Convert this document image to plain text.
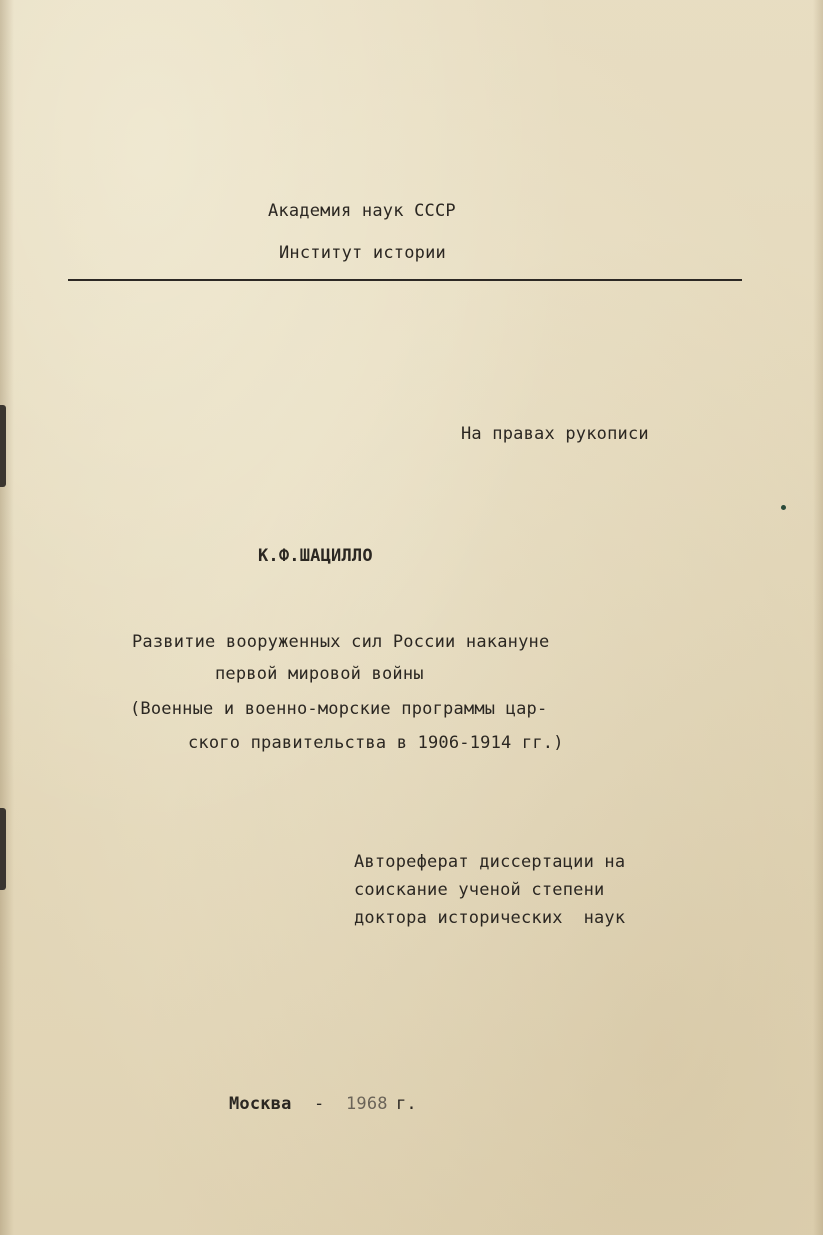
Академия наук СССР
Институт истории
На правах рукописи
К.Ф.ШАЦИЛЛО
Развитие вооруженных сил России накануне
первой мировой войны
(Военные и военно-морские программы цар-
ского правительства в 1906-1914 гг.)
Автореферат диссертации на
соискание ученой степени
доктора исторических  наук
Москва - 1968 г.
